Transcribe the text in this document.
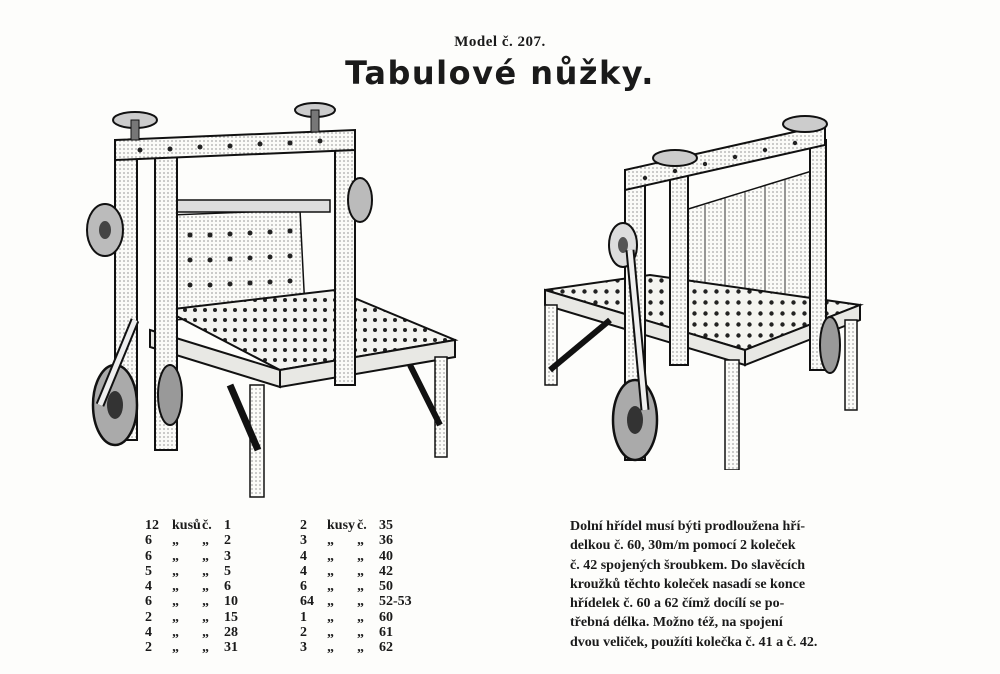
Model č. 207.
Tabulové nůžky.
12 kusů č. 1
6	„	„	2
6	„	„	3
5	„	„	5
4	„	„	6
6	„	„	10
2	„	„	15
4	„	„	28
2	„	„	31
2	kusy č. 35
3	„	„	36
4	„	„	40
4	„	„	42
6	„	„	50
64 „	„	52-53
1	„	„	60
2	„	„	61
3	„	„	62
Dolní hřídel musí býti prodloužena hří-
delkou č. 60, 30m/m pomocí 2 koleček
č. 42 spojených šroubkem. Do slavěcích
kroužků těchto koleček nasadí se konce
hřídelek č. 60 a 62 čímž docílí se po-
třebná délka. Možno též, na spojení
dvou veliček, použíti kolečka č. 41 a č. 42.
